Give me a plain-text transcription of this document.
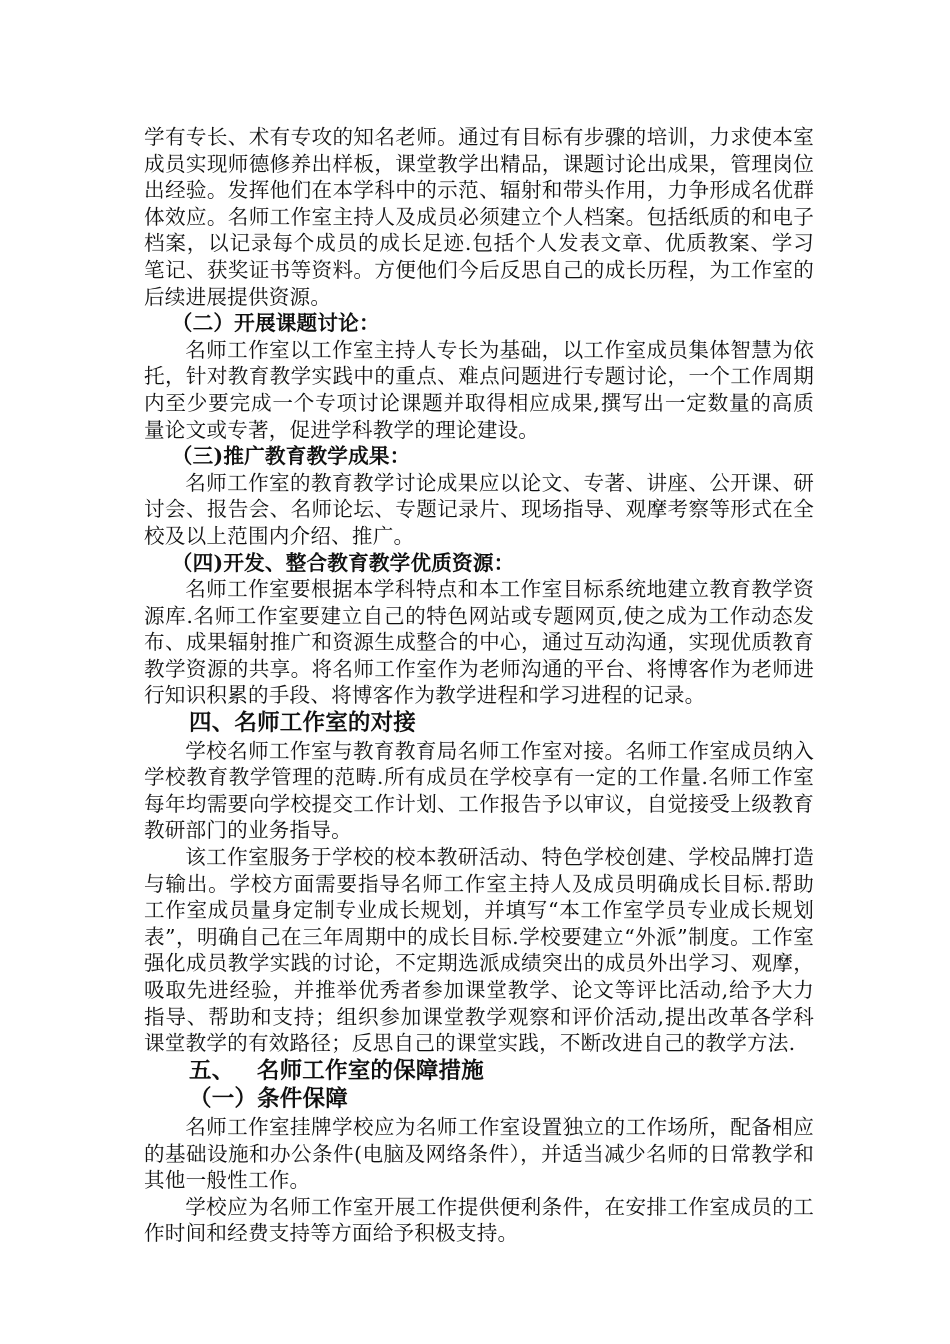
学有专长、术有专攻的知名老师。通过有目标有步骤的培训，力求使本室成员实现师德修养出样板，课堂教学出精品，课题讨论出成果，管理岗位出经验。发挥他们在本学科中的示范、辐射和带头作用，力争形成名优群体效应。名师工作室主持人及成员必须建立个人档案。包括纸质的和电子档案，以记录每个成员的成长足迹.包括个人发表文章、优质教案、学习笔记、获奖证书等资料。方便他们今后反思自己的成长历程，为工作室的后续进展提供资源。

（二）开展课题讨论：

名师工作室以工作室主持人专长为基础，以工作室成员集体智慧为依托，针对教育教学实践中的重点、难点问题进行专题讨论，一个工作周期内至少要完成一个专项讨论课题并取得相应成果,撰写出一定数量的高质量论文或专著，促进学科教学的理论建设。

（三)推广教育教学成果：

名师工作室的教育教学讨论成果应以论文、专著、讲座、公开课、研讨会、报告会、名师论坛、专题记录片、现场指导、观摩考察等形式在全校及以上范围内介绍、推广。

（四)开发、整合教育教学优质资源：

名师工作室要根据本学科特点和本工作室目标系统地建立教育教学资源库.名师工作室要建立自己的特色网站或专题网页,使之成为工作动态发布、成果辐射推广和资源生成整合的中心，通过互动沟通，实现优质教育教学资源的共享。将名师工作室作为老师沟通的平台、将博客作为老师进行知识积累的手段、将博客作为教学进程和学习进程的记录。

四、名师工作室的对接

学校名师工作室与教育教育局名师工作室对接。名师工作室成员纳入学校教育教学管理的范畴.所有成员在学校享有一定的工作量.名师工作室每年均需要向学校提交工作计划、工作报告予以审议，自觉接受上级教育教研部门的业务指导。

该工作室服务于学校的校本教研活动、特色学校创建、学校品牌打造与输出。学校方面需要指导名师工作室主持人及成员明确成长目标.帮助工作室成员量身定制专业成长规划，并填写“本工作室学员专业成长规划表”，明确自己在三年周期中的成长目标.学校要建立“外派”制度。工作室强化成员教学实践的讨论，不定期选派成绩突出的成员外出学习、观摩，吸取先进经验，并推举优秀者参加课堂教学、论文等评比活动,给予大力指导、帮助和支持；组织参加课堂教学观察和评价活动,提出改革各学科课堂教学的有效路径；反思自己的课堂实践，不断改进自己的教学方法.

五、 名师工作室的保障措施

（一）条件保障

名师工作室挂牌学校应为名师工作室设置独立的工作场所，配备相应的基础设施和办公条件(电脑及网络条件），并适当减少名师的日常教学和其他一般性工作。

学校应为名师工作室开展工作提供便利条件，在安排工作室成员的工作时间和经费支持等方面给予积极支持。
